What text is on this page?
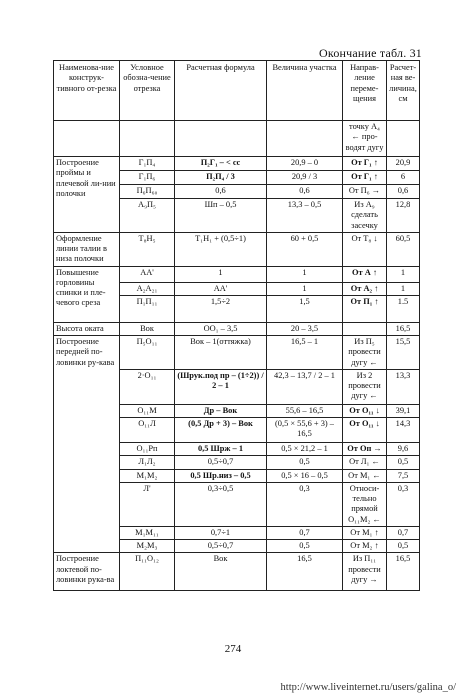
Окончание табл. 31
Наименова-ние конструк-тивного от-резка	Условное обозна-чение отрезка	Расчетная формула	Величина участка	Направ-ление переме-щения	Расчет-ная ве-личина, см
				точку А₄ ← про-водят дугу	
Построение проймы и плечевой ли-нии полочки	Г₁П₄	П₂Г₁ – < сс	20,9 – 0	От Г₁ ↑	20,9
	Г₁П₆	П₂П₄ / 3	20,9 / 3	От Г₁ ↑	6
	П₆П₆₀	0,6	0,6	От П₆ →	0,6
	А₉П₅	Шп – 0,5	13,3 – 0,5	Из А₉ сделать засечку	12,8
Оформление линии талии в низа полочки	Т₈Н₅	Т₁Н₁ + (0,5÷1)	60 + 0,5	От Т₈ ↓	60,5
Повышение горловины спинки и пле-чевого среза	АА'	1	1	От А ↑	1
	А₂А₂₁	АА'	1	От А₂ ↑	1
	П₁П₁₁	1,5÷2	1,5	От П₁ ↑	1.5
Высота оката	Вок	ОО₁ – 3,5	20 – 3,5		16,5
Построение передней по-ловинки ру-кава	П₅О₁₁	Вок – 1(оттяжка)	16,5 – 1	Из П₅ провести дугу ←	15,5
	2·О₁₁	(Шрук.под пр – (1÷2)) / 2 – 1	42,3 – 13,7 / 2 – 1	Из 2 провести дугу ←	13,3
	О₁₁М	Др – Вок	55,6 – 16,5	От О₁₁ ↓	39,1
	О₁₁Л	(0,5 Др + 3) – Вок	(0,5 × 55,6 + 3) – 16,5	От О₁₁ ↓	14,3
	О₁₁Рп	0,5 Шрж – 1	0,5 × 21,2 – 1	От Оп →	9,6
	Л₁Л₂	0,5÷0,7	0,5	От Л₁ ←	0,5
	М₁М₂	0,5 Шр.низ – 0,5	0,5 × 16 – 0,5	От М₁ ←	7,5
	Л'	0,3÷0,5	0,3	Относи-тельно прямой О₁₁М₂ ←	0,3
	М₁М₁₁	0,7÷1	0,7	От М₁ ↑	0,7
	М₂М₃	0,5÷0,7	0,5	От М₂ ↑	0,5
Построение локтевой по-ловинки рука-ва	П₁₁О₁₂	Вок	16,5	Из П₁₁ провести дугу →	16,5
274
http://www.liveinternet.ru/users/galina_o/
